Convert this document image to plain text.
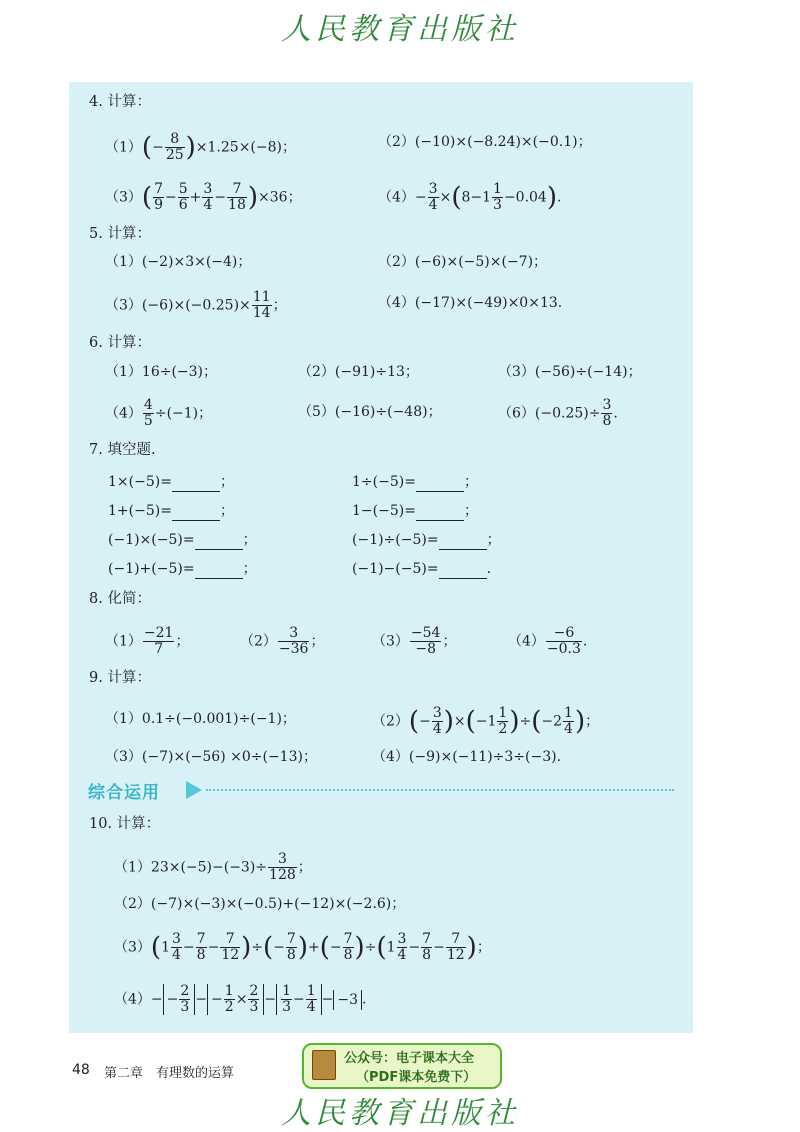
人民教育出版社
4. 计算：
$(1)(- \frac{8}{25} )\times 1.25\times(-8)$；	（2）(−10)×(−8.24)×(−0.1)；
$(3)( \frac{7}{9} - \frac{5}{6} + \frac{3}{4} - \frac{7}{18} )\times 36$；	$(4)- \frac{3}{4} \times(8-1 \frac{1}{3} -0.04)$.
5. 计算：
（1）(−2)×3×(−4)；	（2）(−6)×(−5)×(−7)；
$(3)(-6)\times(-0.25)\times \frac{11}{14}$ ；	（4）(−17)×(−49)×0×13.
6. 计算：
（1）16÷(−3)；	（2）(−91)÷13；	（3）(−56)÷(−14)；
$(4) \frac{4}{5} \div(-1)$；	（5）(−16)÷(−48)；	$(6)(-0.25)\div \frac{3}{8}$ .
7. 填空题.
1×(−5)=	；	1÷(−5)=	；
1+(−5)=	；	1−(−5)=	；
(−1)×(−5)=	；	(−1)÷(−5)=	；
(−1)+(−5)=	；	(−1)−(−5)=	.
8. 化简：
$(1) \frac{-21}{7}$ ；	$(2) \frac{3}{-36}$ ；	$(3) \frac{-54}{-8}$ ；	$(4) \frac{-6}{-0.3}$ .
9. 计算：
（1）0.1÷(−0.001)÷(−1)；	$(2)(- \frac{3}{4} )\times(-1 \frac{1}{2} )\div(-2 \frac{1}{4}$ )；
（3）(−7)×(−56) ×0÷(−13)；	（4）(−9)×(−11)÷3÷(−3).
综合运用
10. 计算：
$(1)23\times(-5)-(-3)\div \frac{3}{128}$ ；
（2）(−7)×(−3)×(−0.5)+(−12)×(−2.6)；
$(3)(1 \frac{3}{4} - \frac{7}{8} - \frac{7}{12}$ )÷(− $\frac{7}{8}$ )+(− $\frac{7}{8} )\div(1 \frac{3}{4} - \frac{7}{8} - \frac{7}{12}$ )；
$(4)- - \frac{2}{3}$ − − $\frac{1}{2} \times \frac{2}{3} - \frac{1}{3} - \frac{1}{4} - -3$ .
48 第二章　有理数的运算
公众号：电子课本大全
（PDF课本免费下）
人民教育出版社
